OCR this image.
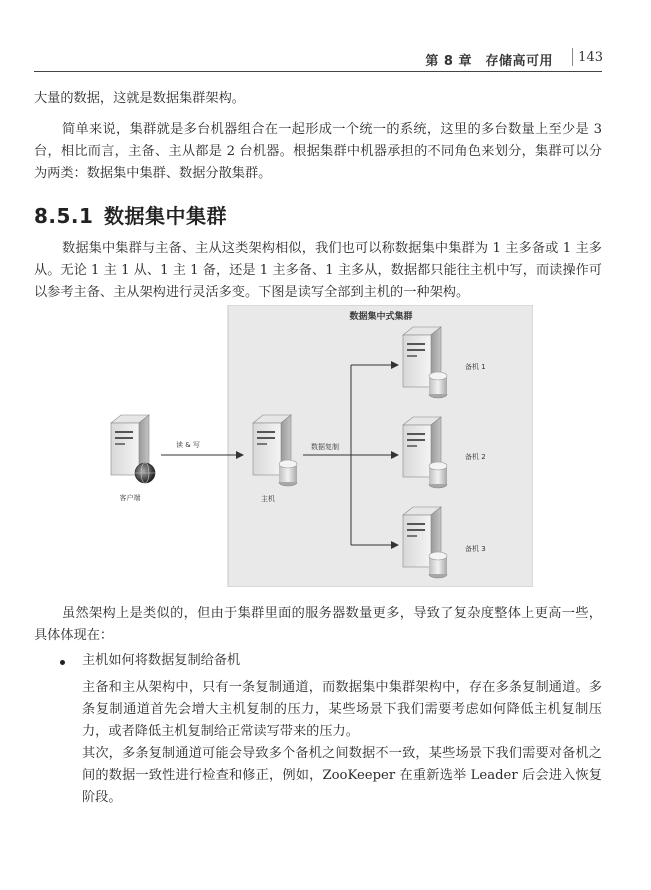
第 8 章　存储高可用 143

大量的数据，这就是数据集群架构。

简单来说，集群就是多台机器组合在一起形成一个统一的系统，这里的多台数量上至少是 3 台，相比而言，主备、主从都是 2 台机器。根据集群中机器承担的不同角色来划分，集群可以分为两类：数据集中集群、数据分散集群。

8.5.1 数据集中集群

数据集中集群与主备、主从这类架构相似，我们也可以称数据集中集群为 1 主多备或 1 主多从。无论 1 主 1 从、1 主 1 备，还是 1 主多备、1 主多从，数据都只能往主机中写，而读操作可以参考主备、主从架构进行灵活多变。下图是读写全部到主机的一种架构。

数据集中式集群
客户端
读 & 写
主机
数据复制
备机 1
备机 2
备机 3

虽然架构上是类似的，但由于集群里面的服务器数量更多，导致了复杂度整体上更高一些，具体体现在：

主机如何将数据复制给备机

主备和主从架构中，只有一条复制通道，而数据集中集群架构中，存在多条复制通道。多条复制通道首先会增大主机复制的压力，某些场景下我们需要考虑如何降低主机复制压力，或者降低主机复制给正常读写带来的压力。

其次，多条复制通道可能会导致多个备机之间数据不一致，某些场景下我们需要对备机之间的数据一致性进行检查和修正，例如，ZooKeeper 在重新选举 Leader 后会进入恢复阶段。
